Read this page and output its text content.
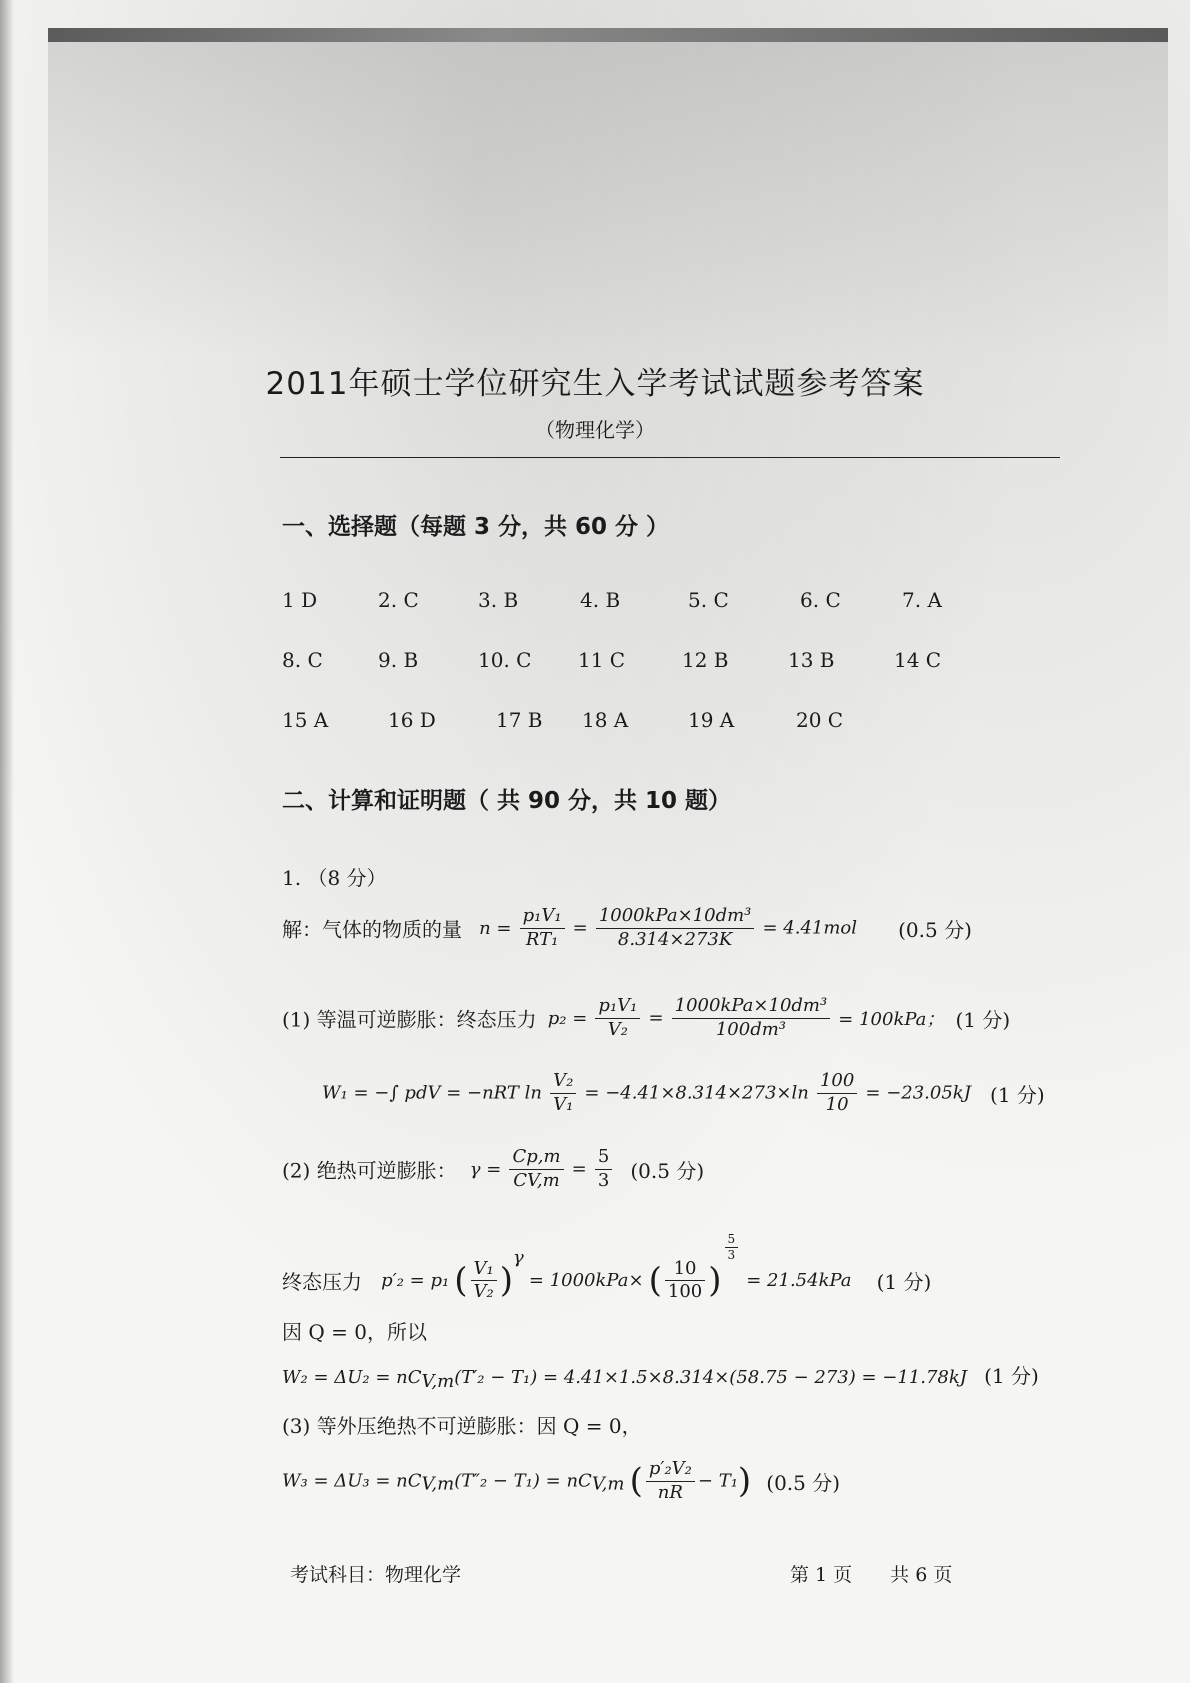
2011年硕士学位研究生入学考试试题参考答案
（物理化学）
一、选择题（每题 3 分，共 60 分 ）
1 D	2. C	3. B	4. B	5. C	6. C	7. A
8. C	9. B	10. C 11 C	12 B	13 B	14 C
15 A	16 D	17 B 18 A	19 A	20 C
二、计算和证明题（ 共 90 分，共 10 题）
1. （8 分）
解：气体的物质的量 $n = \frac{\text{p₁V₁}}{\text{RT₁}} = \frac{\text{1000kPa×10dm³}}{8.314\times 273K} = 4.41mol$ (0.5 分)
(1) 等温可逆膨胀：终态压力 $p_2 = \frac{\text{p₁V₁}}{\text{V₂}} = \frac{\text{1000kPa×10dm³}}{\text{100dm³}} = 100kPa$； (1 分)
W₁ = −∫ pdV = −nRT $\ln \frac{\text{V₂}}{\text{V₁}} = -4.41\times 8.314\times 273\times\ln \frac{100}{10} = -23.05kJ$ (1 分)
(2) 绝热可逆膨胀： $\gamma = \frac{Cp,m}{CV,m} = \frac{5}{3} (0.5$ 分)
终态压力 p′₂ = p₁ ( $\frac{\text{V₁}}{\text{V₂}} )^\gamma = 1000kPa\times$ ( $\frac{10}{100}$ )
$\frac{5}{3}$
= 21.54kPa (1 分)
因 Q = 0，所以
$W_2 = \Delta U_2 = nC_{V,m}(T'_2 - T_1) = 4.41\times 1.5\times 8.314\times(58.75 - 273) = -11.78kJ$ (1 分)
(3) 等外压绝热不可逆膨胀：因 Q = 0，
$W_3 = \Delta U_3 = nC_{V,m}(T''_2 - T_1) = nC_{V,m}$ ( $\frac{\text{p′₂V₂}}{nR} - T_1$) (0.5 分)
考试科目：物理化学	第 1 页　　共 6 页
